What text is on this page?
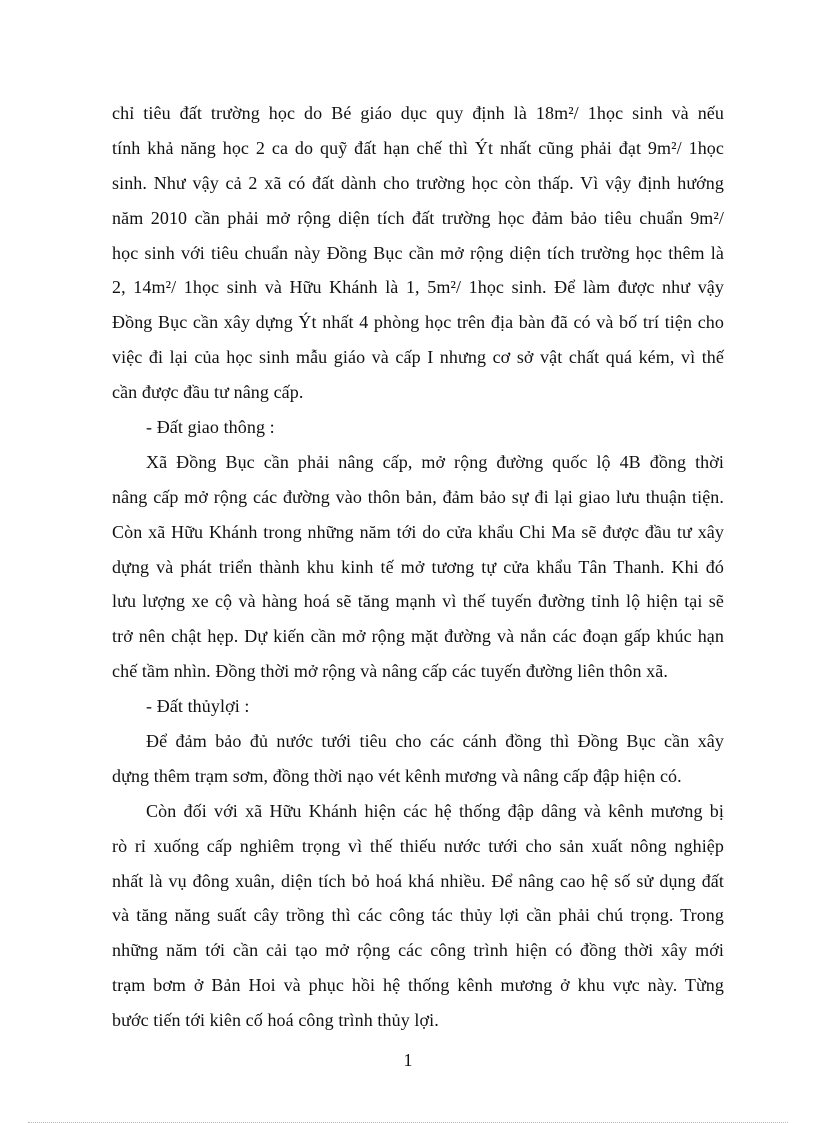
chỉ tiêu đất trường học do Bé giáo dục quy định là 18m²/ 1học sinh và nếu
tính khả năng học 2 ca do quỹ đất hạn chế thì Ýt nhất cũng phải đạt 9m²/ 1học
sinh. Như vậy cả 2 xã có đất dành cho trường học còn thấp. Vì vậy định hướng
năm 2010 cần phải mở rộng diện tích đất trường học đảm bảo tiêu chuẩn 9m²/
học sinh với tiêu chuẩn này Đồng Bục cần mở rộng diện tích trường học thêm là
2, 14m²/ 1học sinh và Hữu Khánh là 1, 5m²/ 1học sinh. Để làm được như vậy
Đồng Bục cần xây dựng Ýt nhất 4 phòng học trên địa bàn đã có và bố trí tiện cho
việc đi lại của học sinh mẫu giáo và cấp I nhưng cơ sở vật chất quá kém, vì thế
cần được đầu tư nâng cấp.
- Đất giao thông :
Xã Đồng Bục cần phải nâng cấp, mở rộng đường quốc lộ 4B đồng thời
nâng cấp mở rộng các đường vào thôn bản, đảm bảo sự đi lại giao lưu thuận tiện.
Còn xã Hữu Khánh trong những năm tới do cửa khẩu Chi Ma sẽ được đầu tư xây
dựng và phát triển thành khu kinh tế mở tương tự cửa khẩu Tân Thanh. Khi đó
lưu lượng xe cộ và hàng hoá sẽ tăng mạnh vì thế tuyến đường tỉnh lộ hiện tại sẽ
trở nên chật hẹp. Dự kiến cần mở rộng mặt đường và nắn các đoạn gấp khúc hạn
chế tầm nhìn. Đồng thời mở rộng và nâng cấp các tuyến đường liên thôn xã.
- Đất thủylợi :
Để đảm bảo đủ nước tưới tiêu cho các cánh đồng thì Đồng Bục cần xây
dựng thêm trạm sơm, đồng thời nạo vét kênh mương và nâng cấp đập hiện có.
Còn đối với xã Hữu Khánh hiện các hệ thống đập dâng và kênh mương bị
rò rỉ xuống cấp nghiêm trọng vì thế thiếu nước tưới cho sản xuất nông nghiệp
nhất là vụ đông xuân, diện tích bỏ hoá khá nhiều. Để nâng cao hệ số sử dụng đất
và tăng năng suất cây trồng thì các công tác thủy lợi cần phải chú trọng. Trong
những năm tới cần cải tạo mở rộng các công trình hiện có đồng thời xây mới
trạm bơm ở Bản Hoi và phục hồi hệ thống kênh mương ở khu vực này. Từng
bước tiến tới kiên cố hoá công trình thủy lợi.
1
